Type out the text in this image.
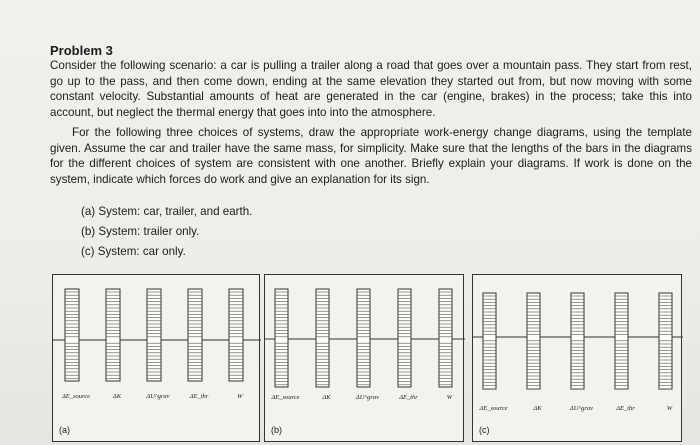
Problem 3

Consider the following scenario: a car is pulling a trailer along a road that goes over a mountain pass. They start from rest, go up to the pass, and then come down, ending at the same elevation they started out from, but now moving with some constant velocity. Substantial amounts of heat are generated in the car (engine, brakes) in the process; take this into account, but neglect the thermal energy that goes into into the atmosphere.

For the following three choices of systems, draw the appropriate work-energy change diagrams, using the template given. Assume the car and trailer have the same mass, for simplicity. Make sure that the lengths of the bars in the diagrams for the different choices of system are consistent with one another. Briefly explain your diagrams. If work is done on the system, indicate which forces do work and give an explanation for its sign.

(a) System: car, trailer, and earth.
(b) System: trailer only.
(c) System: car only.
ΔE_source	ΔK	ΔU^grav	ΔE_thr	W
(a)
ΔE_source	ΔK	ΔU^grav	ΔE_thr	W
(b)
ΔE_source	ΔK	ΔU^grav	ΔE_thr	W
(c)
